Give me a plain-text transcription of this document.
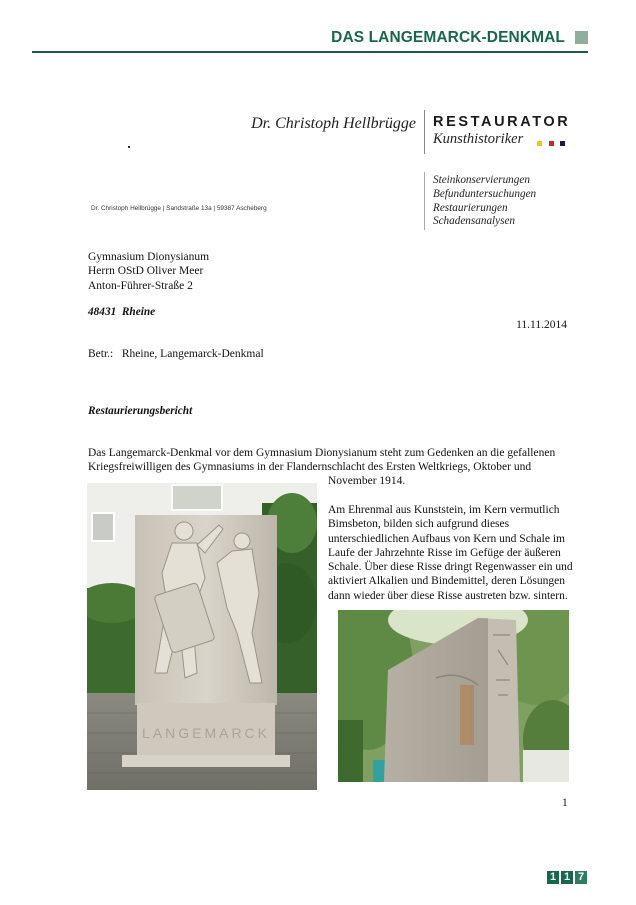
DAS LANGEMARCK-DENKMAL
Dr. Christoph Hellbrügge RESTAURATOR
Kunsthistoriker
Steinkonservierungen
Befunduntersuchungen
Restaurierungen
Schadensanalysen
Dr. Christoph Hellbrügge | Sandstraße 13a | 59387 Ascheberg
Gymnasium Dionysianum
Herrn OStD Oliver Meer
Anton-Führer-Straße 2
48431  Rheine
11.11.2014
Betr.:   Rheine, Langemarck-Denkmal
Restaurierungsbericht
Das Langemarck-Denkmal vor dem Gymnasium Dionysianum steht zum Gedenken an die gefallenen
Kriegsfreiwilligen des Gymnasiums in der Flandernschlacht des Ersten Weltkriegs, Oktober und
November 1914.
Am Ehrenmal aus Kunststein, im Kern vermutlich
Bimsbeton, bilden sich aufgrund dieses
unterschiedlichen Aufbaus von Kern und Schale im
Laufe der Jahrzehnte Risse im Gefüge der äußeren
Schale. Über diese Risse dringt Regenwasser ein und
aktiviert Alkalien und Bindemittel, deren Lösungen
dann wieder über diese Risse austreten bzw. sintern.
LANGEMARCK
1
1 1 7
